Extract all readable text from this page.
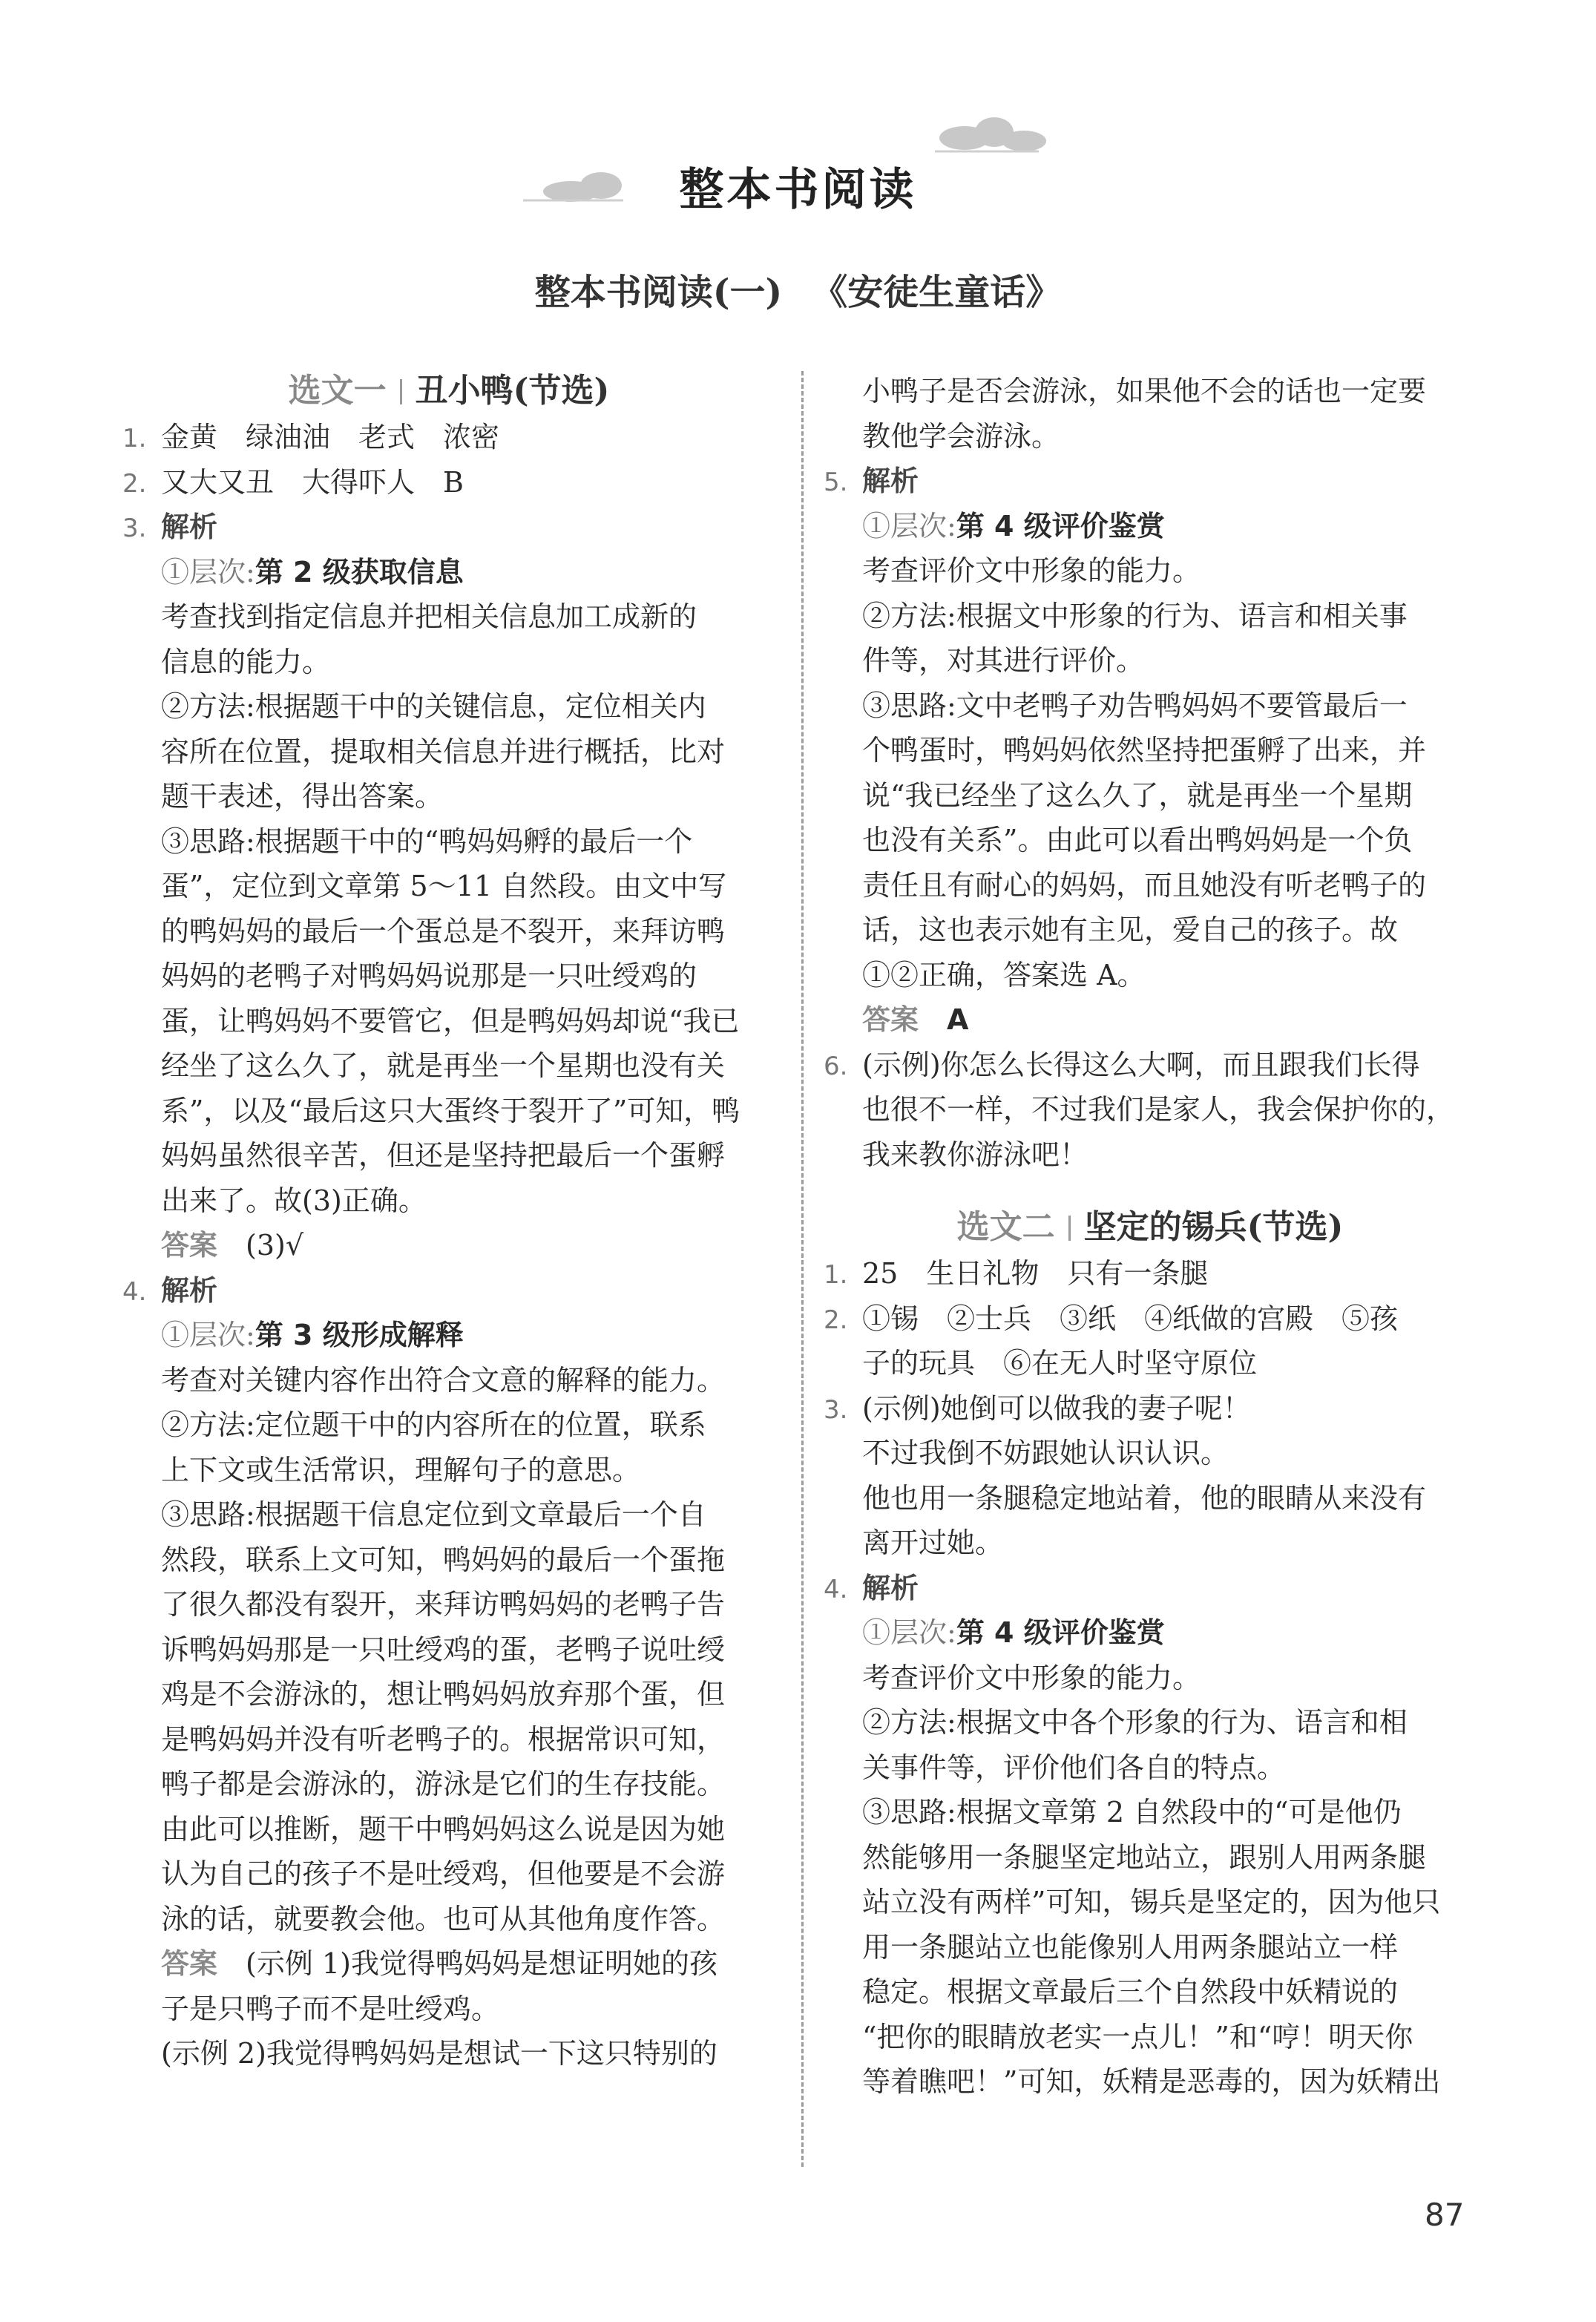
整本书阅读
整本书阅读(一) 《安徒生童话》
选文一 丑小鸭(节选)
1. 金黄　绿油油　老式　浓密
2. 又大又丑　大得吓人　B
3. 解析
①层次:第 2 级获取信息
考查找到指定信息并把相关信息加工成新的
信息的能力。
②方法:根据题干中的关键信息，定位相关内
容所在位置，提取相关信息并进行概括，比对
题干表述，得出答案。
③思路:根据题干中的“鸭妈妈孵的最后一个
蛋”，定位到文章第 5～11 自然段。由文中写
的鸭妈妈的最后一个蛋总是不裂开，来拜访鸭
妈妈的老鸭子对鸭妈妈说那是一只吐绶鸡的
蛋，让鸭妈妈不要管它，但是鸭妈妈却说“我已
经坐了这么久了，就是再坐一个星期也没有关
系”，以及“最后这只大蛋终于裂开了”可知，鸭
妈妈虽然很辛苦，但还是坚持把最后一个蛋孵
出来了。故(3)正确。
答案　 (3)√
4. 解析
①层次:第 3 级形成解释
考查对关键内容作出符合文意的解释的能力。
②方法:定位题干中的内容所在的位置，联系
上下文或生活常识，理解句子的意思。
③思路:根据题干信息定位到文章最后一个自
然段，联系上文可知，鸭妈妈的最后一个蛋拖
了很久都没有裂开，来拜访鸭妈妈的老鸭子告
诉鸭妈妈那是一只吐绶鸡的蛋，老鸭子说吐绶
鸡是不会游泳的，想让鸭妈妈放弃那个蛋，但
是鸭妈妈并没有听老鸭子的。根据常识可知，
鸭子都是会游泳的，游泳是它们的生存技能。
由此可以推断，题干中鸭妈妈这么说是因为她
认为自己的孩子不是吐绶鸡，但他要是不会游
泳的话，就要教会他。也可从其他角度作答。
答案　 (示例 1)我觉得鸭妈妈是想证明她的孩
子是只鸭子而不是吐绶鸡。
(示例 2)我觉得鸭妈妈是想试一下这只特别的
小鸭子是否会游泳，如果他不会的话也一定要
教他学会游泳。
5. 解析
①层次:第 4 级评价鉴赏
考查评价文中形象的能力。
②方法:根据文中形象的行为、语言和相关事
件等，对其进行评价。
③思路:文中老鸭子劝告鸭妈妈不要管最后一
个鸭蛋时，鸭妈妈依然坚持把蛋孵了出来，并
说“我已经坐了这么久了，就是再坐一个星期
也没有关系”。由此可以看出鸭妈妈是一个负
责任且有耐心的妈妈，而且她没有听老鸭子的
话，这也表示她有主见，爱自己的孩子。故
①②正确，答案选 A。
答案　 A
6. (示例)你怎么长得这么大啊，而且跟我们长得
也很不一样，不过我们是家人，我会保护你的，
我来教你游泳吧！
选文二 坚定的锡兵(节选)
1. 25　生日礼物　只有一条腿
2. ①锡　②士兵　③纸　④纸做的宫殿　⑤孩
子的玩具　⑥在无人时坚守原位
3. (示例)她倒可以做我的妻子呢！
不过我倒不妨跟她认识认识。
他也用一条腿稳定地站着，他的眼睛从来没有
离开过她。
4. 解析
①层次:第 4 级评价鉴赏
考查评价文中形象的能力。
②方法:根据文中各个形象的行为、语言和相
关事件等，评价他们各自的特点。
③思路:根据文章第 2 自然段中的“可是他仍
然能够用一条腿坚定地站立，跟别人用两条腿
站立没有两样”可知，锡兵是坚定的，因为他只
用一条腿站立也能像别人用两条腿站立一样
稳定。根据文章最后三个自然段中妖精说的
“把你的眼睛放老实一点儿！”和“哼！明天你
等着瞧吧！”可知，妖精是恶毒的，因为妖精出
87
